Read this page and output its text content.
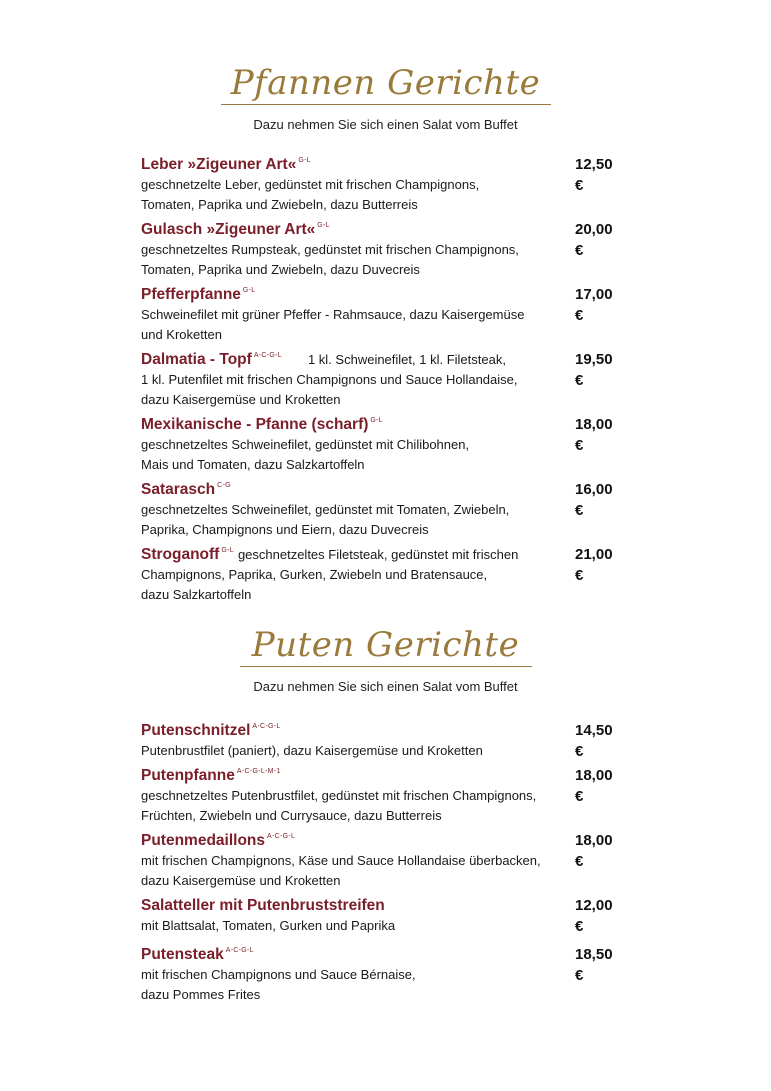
Pfannen Gerichte
Dazu nehmen Sie sich einen Salat vom Buffet
Leber »Zigeuner Art« $^{G-L}$
geschnetzelte Leber, gedünstet mit frischen Champignons,
Tomaten, Paprika und Zwiebeln, dazu Butterreis
12,50 €
Gulasch »Zigeuner Art« $^{G-L}$
geschnetzeltes Rumpsteak, gedünstet mit frischen Champignons,
Tomaten, Paprika und Zwiebeln, dazu Duvecreis
20,00 €
Pfefferpfanne $^{G-L}$
Schweinefilet mit grüner Pfeffer - Rahmsauce, dazu Kaisergemüse
und Kroketten
17,00 €
Dalmatia - Topf $^{A-C-G-L}$ 1 kl. Schweinefilet, 1 kl. Filetsteak,
1 kl. Putenfilet mit frischen Champignons und Sauce Hollandaise,
dazu Kaisergemüse und Kroketten
19,50 €
Mexikanische - Pfanne (scharf) $^{G-L}$
geschnetzeltes Schweinefilet, gedünstet mit Chilibohnen,
Mais und Tomaten, dazu Salzkartoffeln
18,00 €
Satarasch $^{C-G}$
geschnetzeltes Schweinefilet, gedünstet mit Tomaten, Zwiebeln,
Paprika, Champignons und Eiern, dazu Duvecreis
16,00 €
Stroganoff $^{G-L}$ geschnetzeltes Filetsteak, gedünstet mit frischen
Champignons, Paprika, Gurken, Zwiebeln und Bratensauce,
dazu Salzkartoffeln
21,00 €
Puten Gerichte
Dazu nehmen Sie sich einen Salat vom Buffet
Putenschnitzel $^{A-C-G-L}$
Putenbrustfilet (paniert), dazu Kaisergemüse und Kroketten
14,50 €
Putenpfanne $^{A-C-G-L-M-1}$
geschnetzeltes Putenbrustfilet, gedünstet mit frischen Champignons,
Früchten, Zwiebeln und Currysauce, dazu Butterreis
18,00 €
Putenmedaillons $^{A-C-G-L}$
mit frischen Champignons, Käse und Sauce Hollandaise überbacken,
dazu Kaisergemüse und Kroketten
18,00 €
Salatteller mit Putenbruststreifen
mit Blattsalat, Tomaten, Gurken und Paprika
12,00 €
Putensteak $^{A-C-G-L}$
mit frischen Champignons und Sauce Bérnaise,
dazu Pommes Frites
18,50 €
